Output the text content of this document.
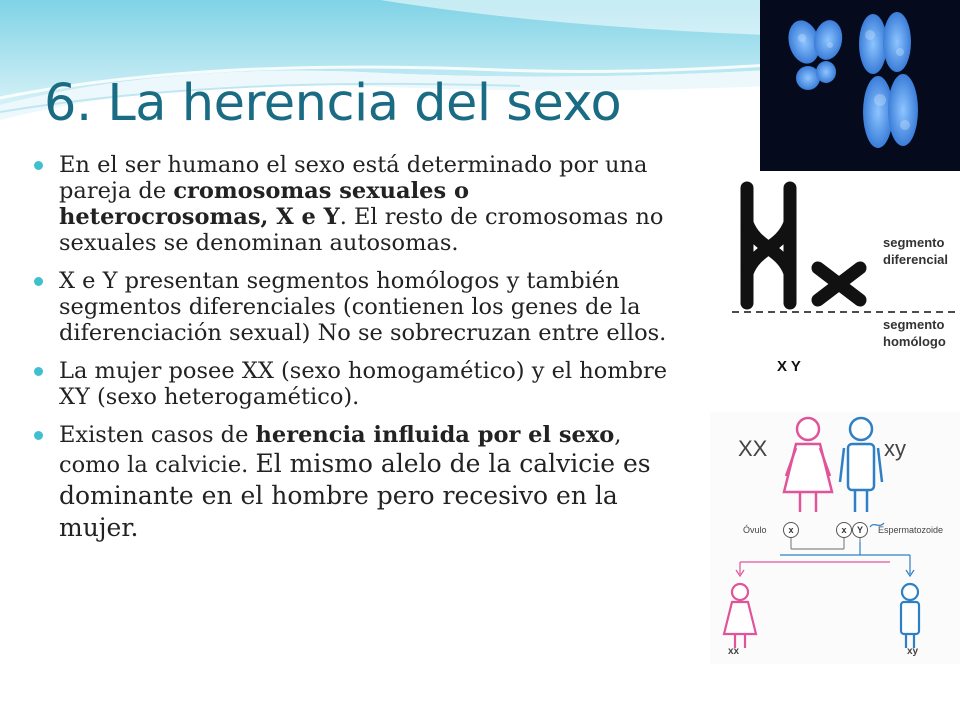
6. La herencia del sexo
En el ser humano el sexo está determinado por una pareja de cromosomas sexuales o heterocrosomas, X e Y. El resto de cromosomas no sexuales se denominan autosomas.
X e Y presentan segmentos homólogos y también segmentos diferenciales (contienen los genes de la diferenciación sexual) No se sobrecruzan entre ellos.
La mujer posee XX (sexo homogamético) y el hombre XY (sexo heterogamético).
Existen casos de herencia influida por el sexo, como la calvicie. El mismo alelo de la calvicie es dominante en el hombre pero recesivo en la mujer.
segmento
diferencial
segmento
homólogo
X Y
XX	xy
Óvulo	Espermatozoide
x	x	Y
xx	xy
